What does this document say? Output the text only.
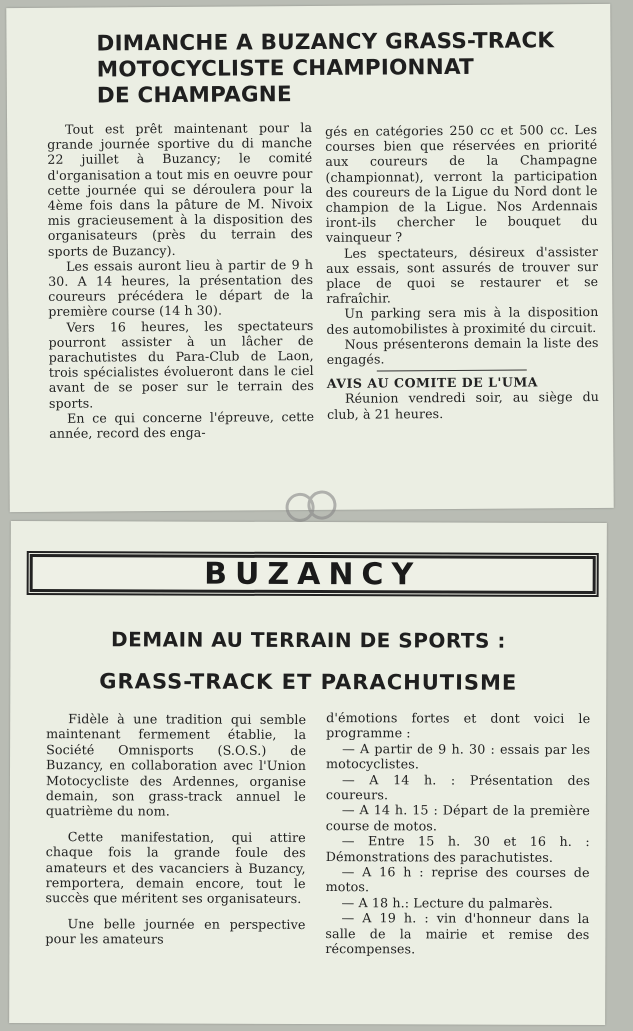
DIMANCHE A BUZANCY GRASS-TRACK
MOTOCYCLISTE CHAMPIONNAT
DE CHAMPAGNE

Tout est prêt maintenant pour la grande journée sportive du di manche 22 juillet à Buzancy; le comité d'organisation a tout mis en oeuvre pour cette journée qui se déroulera pour la 4ème fois dans la pâture de M. Nivoix mis gracieusement à la disposition des organisateurs (près du terrain des sports de Buzancy).

Les essais auront lieu à partir de 9 h 30. A 14 heures, la présentation des coureurs précédera le départ de la première course (14 h 30).

Vers 16 heures, les spectateurs pourront assister à un lâcher de parachutistes du Para-Club de Laon, trois spécialistes évolueront dans le ciel avant de se poser sur le terrain des sports.

En ce qui concerne l'épreuve, cette année, record des enga-

gés en catégories 250 cc et 500 cc. Les courses bien que réservées en priorité aux coureurs de la Champagne (championnat), verront la participation des coureurs de la Ligue du Nord dont le champion de la Ligue. Nos Ardennais iront-ils chercher le bouquet du vainqueur ?

Les spectateurs, désireux d'assister aux essais, sont assurés de trouver sur place de quoi se restaurer et se rafraîchir.

Un parking sera mis à la disposition des automobilistes à proximité du circuit.

Nous présenterons demain la liste des engagés.

AVIS AU COMITE DE L'UMA

Réunion vendredi soir, au siège du club, à 21 heures.

BUZANCY
DEMAIN AU TERRAIN DE SPORTS :
GRASS-TRACK ET PARACHUTISME

Fidèle à une tradition qui semble maintenant fermement établie, la Société Omnisports (S.O.S.) de Buzancy, en collaboration avec l'Union Motocycliste des Ardennes, organise demain, son grass-track annuel le quatrième du nom.

Cette manifestation, qui attire chaque fois la grande foule des amateurs et des vacanciers à Buzancy, remportera, demain encore, tout le succès que méritent ses organisateurs.

Une belle journée en perspective pour les amateurs

d'émotions fortes et dont voici le programme :

— A partir de 9 h. 30 : essais par les motocyclistes.

— A 14 h. : Présentation des coureurs.

— A 14 h. 15 : Départ de la première course de motos.

— Entre 15 h. 30 et 16 h. : Démonstrations des parachutistes.

— A 16 h : reprise des courses de motos.

— A 18 h.: Lecture du palmarès.

— A 19 h. : vin d'honneur dans la salle de la mairie et remise des récompenses.
